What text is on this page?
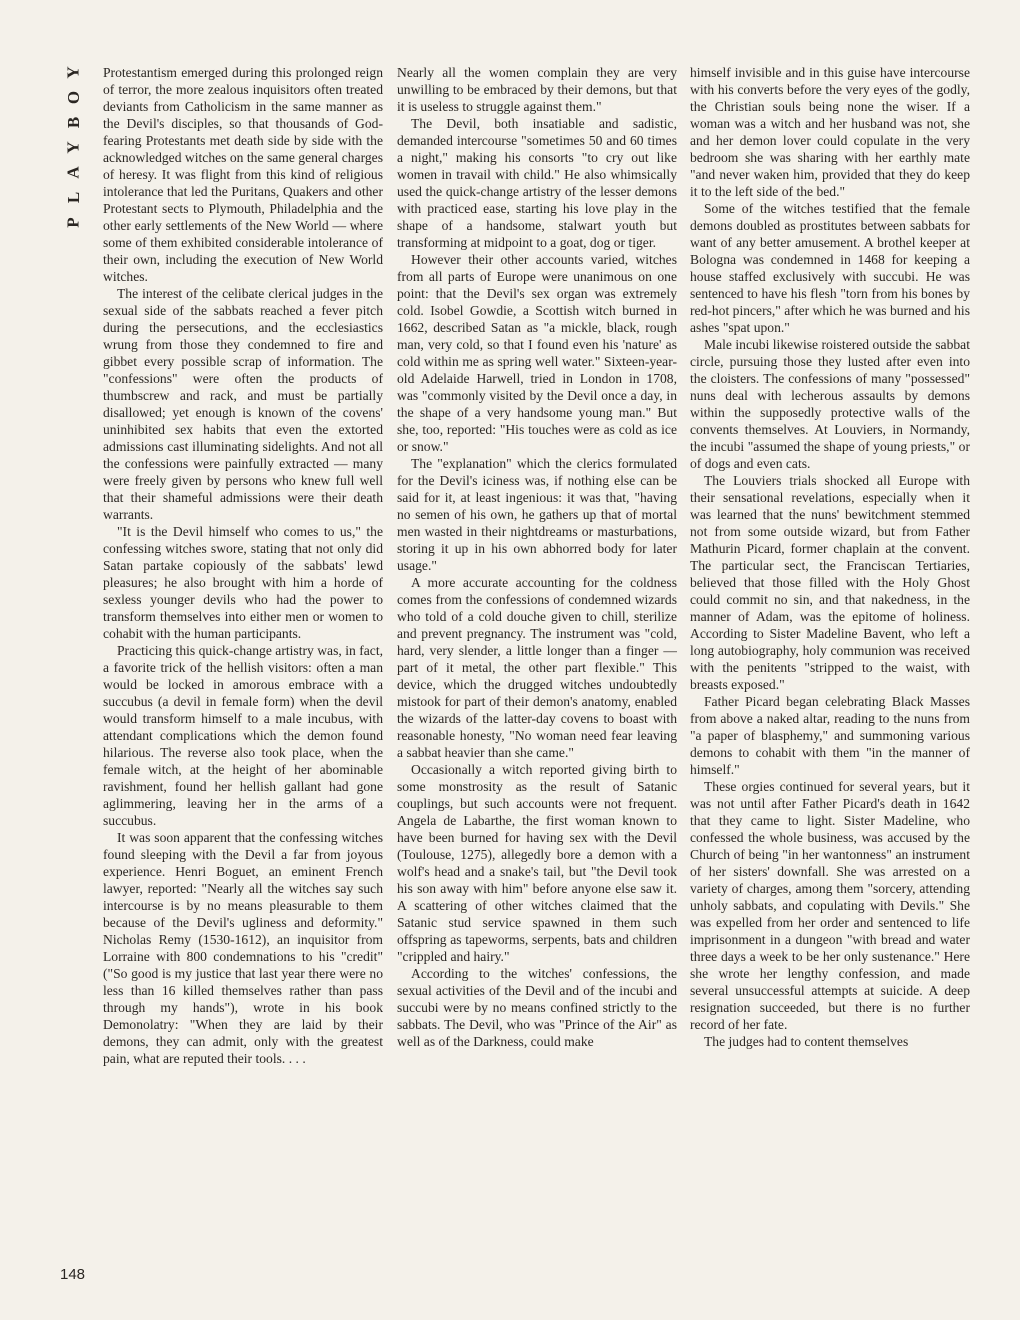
P
L
A
Y
B
O
Y
148

Protestantism emerged during this prolonged reign of terror, the more zealous inquisitors often treated deviants from Catholicism in the same manner as the Devil's disciples, so that thousands of God-fearing Protestants met death side by side with the acknowledged witches on the same general charges of heresy. It was flight from this kind of religious intolerance that led the Puritans, Quakers and other Protestant sects to Plymouth, Philadelphia and the other early settlements of the New World — where some of them exhibited considerable intolerance of their own, including the execution of New World witches.

The interest of the celibate clerical judges in the sexual side of the sabbats reached a fever pitch during the persecutions, and the ecclesiastics wrung from those they condemned to fire and gibbet every possible scrap of information. The "confessions" were often the products of thumbscrew and rack, and must be partially disallowed; yet enough is known of the covens' uninhibited sex habits that even the extorted admissions cast illuminating sidelights. And not all the confessions were painfully extracted — many were freely given by persons who knew full well that their shameful admissions were their death warrants.

"It is the Devil himself who comes to us," the confessing witches swore, stating that not only did Satan partake copiously of the sabbats' lewd pleasures; he also brought with him a horde of sexless younger devils who had the power to transform themselves into either men or women to cohabit with the human participants.

Practicing this quick-change artistry was, in fact, a favorite trick of the hellish visitors: often a man would be locked in amorous embrace with a succubus (a devil in female form) when the devil would transform himself to a male incubus, with attendant complications which the demon found hilarious. The reverse also took place, when the female witch, at the height of her abominable ravishment, found her hellish gallant had gone aglimmering, leaving her in the arms of a succubus.

It was soon apparent that the confessing witches found sleeping with the Devil a far from joyous experience. Henri Boguet, an eminent French lawyer, reported: "Nearly all the witches say such intercourse is by no means pleasurable to them because of the Devil's ugliness and deformity." Nicholas Remy (1530-1612), an inquisitor from Lorraine with 800 condemnations to his "credit" ("So good is my justice that last year there were no less than 16 killed themselves rather than pass through my hands"), wrote in his book Demonolatry: "When they are laid by their demons, they can admit, only with the greatest pain, what are reputed their tools. . . .

Nearly all the women complain they are very unwilling to be embraced by their demons, but that it is useless to struggle against them."

The Devil, both insatiable and sadistic, demanded intercourse "sometimes 50 and 60 times a night," making his consorts "to cry out like women in travail with child." He also whimsically used the quick-change artistry of the lesser demons with practiced ease, starting his love play in the shape of a handsome, stalwart youth but transforming at midpoint to a goat, dog or tiger.

However their other accounts varied, witches from all parts of Europe were unanimous on one point: that the Devil's sex organ was extremely cold. Isobel Gowdie, a Scottish witch burned in 1662, described Satan as "a mickle, black, rough man, very cold, so that I found even his 'nature' as cold within me as spring well water." Sixteen-year-old Adelaide Harwell, tried in London in 1708, was "commonly visited by the Devil once a day, in the shape of a very handsome young man." But she, too, reported: "His touches were as cold as ice or snow."

The "explanation" which the clerics formulated for the Devil's iciness was, if nothing else can be said for it, at least ingenious: it was that, "having no semen of his own, he gathers up that of mortal men wasted in their nightdreams or masturbations, storing it up in his own abhorred body for later usage."

A more accurate accounting for the coldness comes from the confessions of condemned wizards who told of a cold douche given to chill, sterilize and prevent pregnancy. The instrument was "cold, hard, very slender, a little longer than a finger — part of it metal, the other part flexible." This device, which the drugged witches undoubtedly mistook for part of their demon's anatomy, enabled the wizards of the latter-day covens to boast with reasonable honesty, "No woman need fear leaving a sabbat heavier than she came."

Occasionally a witch reported giving birth to some monstrosity as the result of Satanic couplings, but such accounts were not frequent. Angela de Labarthe, the first woman known to have been burned for having sex with the Devil (Toulouse, 1275), allegedly bore a demon with a wolf's head and a snake's tail, but "the Devil took his son away with him" before anyone else saw it. A scattering of other witches claimed that the Satanic stud service spawned in them such offspring as tapeworms, serpents, bats and children "crippled and hairy."

According to the witches' confessions, the sexual activities of the Devil and of the incubi and succubi were by no means confined strictly to the sabbats. The Devil, who was "Prince of the Air" as well as of the Darkness, could make

himself invisible and in this guise have intercourse with his converts before the very eyes of the godly, the Christian souls being none the wiser. If a woman was a witch and her husband was not, she and her demon lover could copulate in the very bedroom she was sharing with her earthly mate "and never waken him, provided that they do keep it to the left side of the bed."

Some of the witches testified that the female demons doubled as prostitutes between sabbats for want of any better amusement. A brothel keeper at Bologna was condemned in 1468 for keeping a house staffed exclusively with succubi. He was sentenced to have his flesh "torn from his bones by red-hot pincers," after which he was burned and his ashes "spat upon."

Male incubi likewise roistered outside the sabbat circle, pursuing those they lusted after even into the cloisters. The confessions of many "possessed" nuns deal with lecherous assaults by demons within the supposedly protective walls of the convents themselves. At Louviers, in Normandy, the incubi "assumed the shape of young priests," or of dogs and even cats.

The Louviers trials shocked all Europe with their sensational revelations, especially when it was learned that the nuns' bewitchment stemmed not from some outside wizard, but from Father Mathurin Picard, former chaplain at the convent. The particular sect, the Franciscan Tertiaries, believed that those filled with the Holy Ghost could commit no sin, and that nakedness, in the manner of Adam, was the epitome of holiness. According to Sister Madeline Bavent, who left a long autobiography, holy communion was received with the penitents "stripped to the waist, with breasts exposed."

Father Picard began celebrating Black Masses from above a naked altar, reading to the nuns from "a paper of blasphemy," and summoning various demons to cohabit with them "in the manner of himself."

These orgies continued for several years, but it was not until after Father Picard's death in 1642 that they came to light. Sister Madeline, who confessed the whole business, was accused by the Church of being "in her wantonness" an instrument of her sisters' downfall. She was arrested on a variety of charges, among them "sorcery, attending unholy sabbats, and copulating with Devils." She was expelled from her order and sentenced to life imprisonment in a dungeon "with bread and water three days a week to be her only sustenance." Here she wrote her lengthy confession, and made several unsuccessful attempts at suicide. A deep resignation succeeded, but there is no further record of her fate.

The judges had to content themselves
